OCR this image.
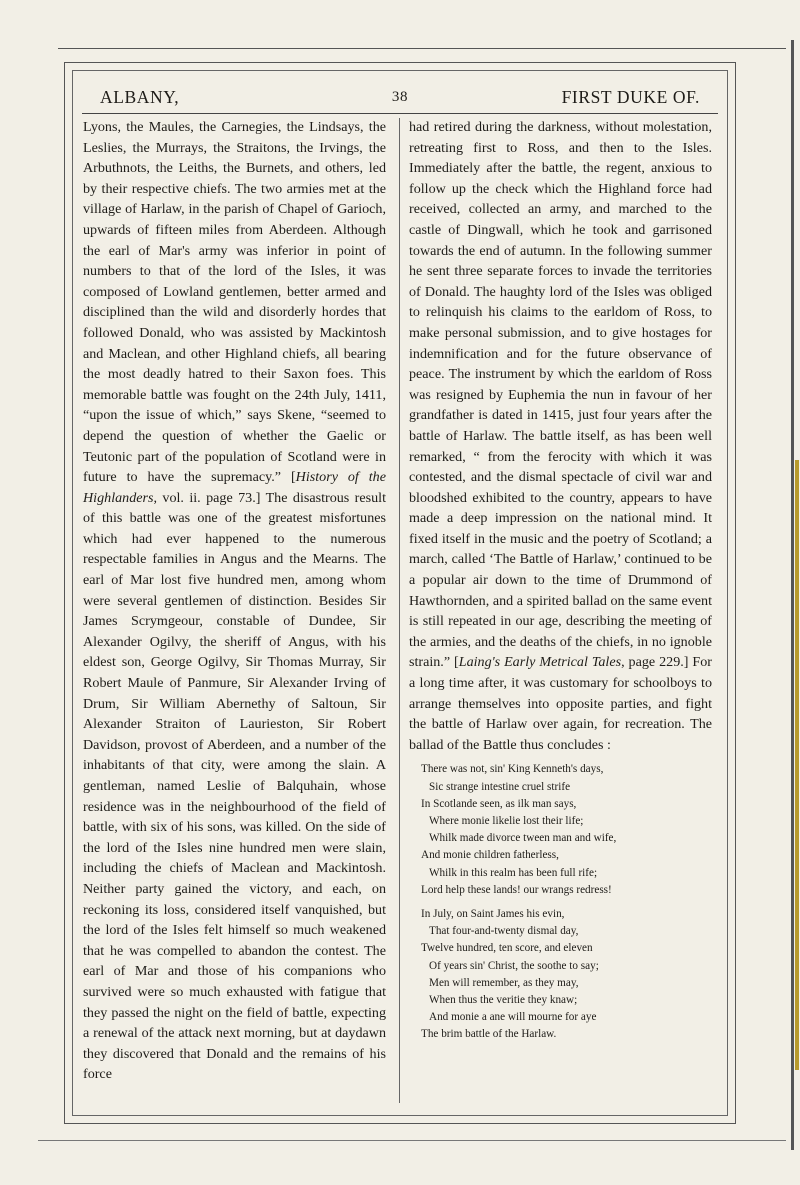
38
ALBANY,	FIRST DUKE OF.

Lyons, the Maules, the Carnegies, the Lindsays, the Leslies, the Murrays, the Straitons, the Irvings, the Arbuthnots, the Leiths, the Burnets, and others, led by their respective chiefs. The two armies met at the village of Harlaw, in the parish of Chapel of Garioch, upwards of fifteen miles from Aberdeen. Although the earl of Mar's army was inferior in point of numbers to that of the lord of the Isles, it was composed of Lowland gentlemen, better armed and disciplined than the wild and disorderly hordes that followed Donald, who was assisted by Mackintosh and Maclean, and other Highland chiefs, all bearing the most deadly hatred to their Saxon foes. This memorable battle was fought on the 24th July, 1411, “upon the issue of which,” says Skene, “seemed to depend the question of whether the Gaelic or Teutonic part of the population of Scotland were in future to have the supremacy.” [History of the Highlanders, vol. ii. page 73.] The disastrous result of this battle was one of the greatest misfortunes which had ever happened to the numerous respectable families in Angus and the Mearns. The earl of Mar lost five hundred men, among whom were several gentlemen of distinction. Besides Sir James Scrymgeour, constable of Dundee, Sir Alexander Ogilvy, the sheriff of Angus, with his eldest son, George Ogilvy, Sir Thomas Murray, Sir Robert Maule of Panmure, Sir Alexander Irving of Drum, Sir William Abernethy of Saltoun, Sir Alexander Straiton of Laurieston, Sir Robert Davidson, provost of Aberdeen, and a number of the inhabitants of that city, were among the slain. A gentleman, named Leslie of Balquhain, whose residence was in the neighbourhood of the field of battle, with six of his sons, was killed. On the side of the lord of the Isles nine hundred men were slain, including the chiefs of Maclean and Mackintosh. Neither party gained the victory, and each, on reckoning its loss, considered itself vanquished, but the lord of the Isles felt himself so much weakened that he was compelled to abandon the contest. The earl of Mar and those of his companions who survived were so much exhausted with fatigue that they passed the night on the field of battle, expecting a renewal of the attack next morning, but at daydawn they discovered that Donald and the remains of his force

had retired during the darkness, without molestation, retreating first to Ross, and then to the Isles. Immediately after the battle, the regent, anxious to follow up the check which the Highland force had received, collected an army, and marched to the castle of Dingwall, which he took and garrisoned towards the end of autumn. In the following summer he sent three separate forces to invade the territories of Donald. The haughty lord of the Isles was obliged to relinquish his claims to the earldom of Ross, to make personal submission, and to give hostages for indemnification and for the future observance of peace. The instrument by which the earldom of Ross was resigned by Euphemia the nun in favour of her grandfather is dated in 1415, just four years after the battle of Harlaw. The battle itself, as has been well remarked, “ from the ferocity with which it was contested, and the dismal spectacle of civil war and bloodshed exhibited to the country, appears to have made a deep impression on the national mind. It fixed itself in the music and the poetry of Scotland; a march, called ‘The Battle of Harlaw,’ continued to be a popular air down to the time of Drummond of Hawthornden, and a spirited ballad on the same event is still repeated in our age, describing the meeting of the armies, and the deaths of the chiefs, in no ignoble strain.” [Laing's Early Metrical Tales, page 229.] For a long time after, it was customary for schoolboys to arrange themselves into opposite parties, and fight the battle of Harlaw over again, for recreation. The ballad of the Battle thus concludes :

There was not, sin' King Kenneth's days,
Sic strange intestine cruel strife
In Scotlande seen, as ilk man says,
Where monie likelie lost their life;
Whilk made divorce tween man and wife,
And monie children fatherless,
Whilk in this realm has been full rife;
Lord help these lands! our wrangs redress!
In July, on Saint James his evin,
That four-and-twenty dismal day,
Twelve hundred, ten score, and eleven
Of years sin' Christ, the soothe to say;
Men will remember, as they may,
When thus the veritie they knaw;
And monie a ane will mourne for aye
The brim battle of the Harlaw.
